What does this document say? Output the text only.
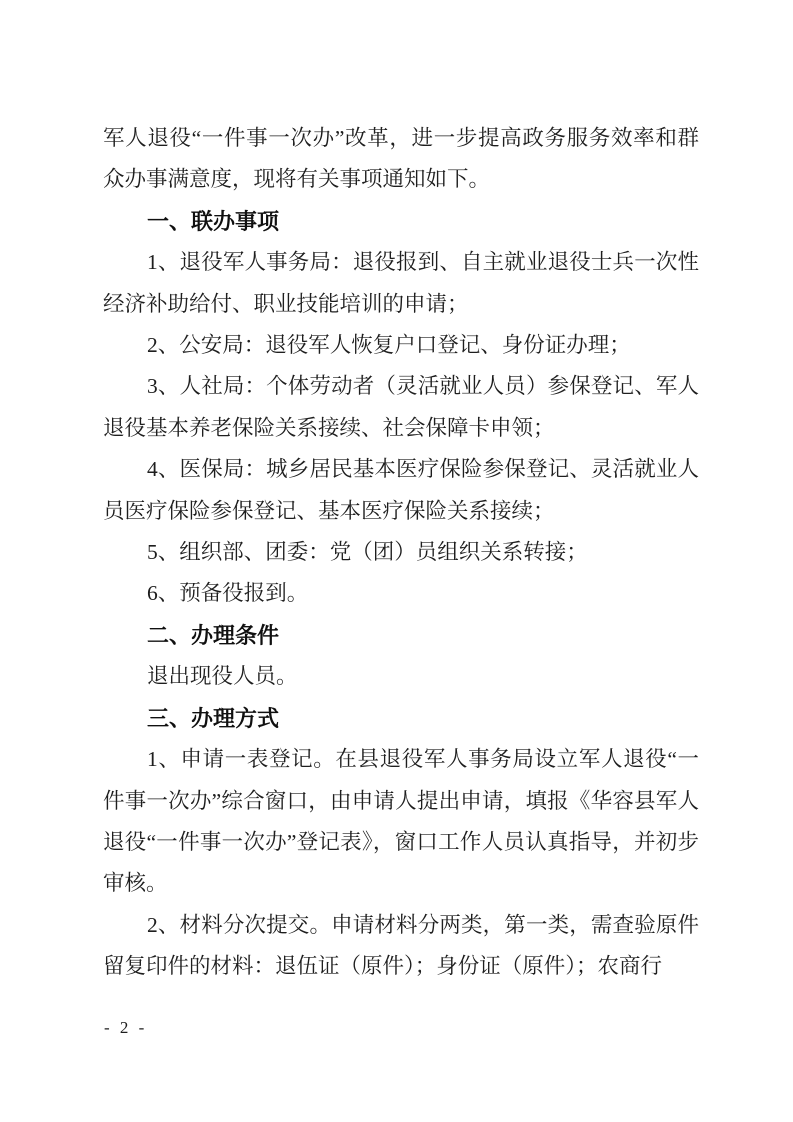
军人退役“一件事一次办”改革，进一步提高政务服务效率和群众办事满意度，现将有关事项通知如下。

一、联办事项

1、退役军人事务局：退役报到、自主就业退役士兵一次性经济补助给付、职业技能培训的申请；

2、公安局：退役军人恢复户口登记、身份证办理；

3、人社局：个体劳动者（灵活就业人员）参保登记、军人退役基本养老保险关系接续、社会保障卡申领；

4、医保局：城乡居民基本医疗保险参保登记、灵活就业人员医疗保险参保登记、基本医疗保险关系接续；

5、组织部、团委：党（团）员组织关系转接；

6、预备役报到。

二、办理条件

退出现役人员。

三、办理方式

1、申请一表登记。在县退役军人事务局设立军人退役“一件事一次办”综合窗口，由申请人提出申请，填报《华容县军人退役“一件事一次办”登记表》，窗口工作人员认真指导，并初步审核。

2、材料分次提交。申请材料分两类，第一类，需查验原件留复印件的材料：退伍证（原件）；身份证（原件）；农商行

- 2 -
